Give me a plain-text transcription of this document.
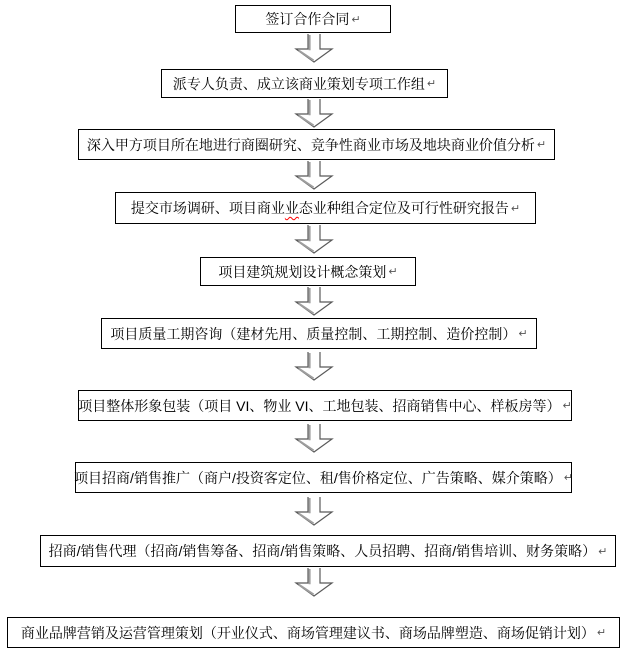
签订合作合同 ↵
派专人负责、成立该商业策划专项工作组 ↵
深入甲方项目所在地进行商圈研究、竞争性商业市场及地块商业价值分析 ↵
提交市场调研、项目商业业态业种组合定位及可行性研究报告 ↵
项目建筑规划设计概念策划 ↵
项目质量工期咨询（建材先用、质量控制、工期控制、造价控制） ↵
项目整体形象包装（项目 VI、物业 VI、工地包装、招商销售中心、样板房等） ↵
项目招商/销售推广（商户/投资客定位、租/售价格定位、广告策略、媒介策略） ↵
招商/销售代理（招商/销售筹备、招商/销售策略、人员招聘、招商/销售培训、财务策略） ↵
商业品牌营销及运营管理策划（开业仪式、商场管理建议书、商场品牌塑造、商场促销计划） ↵
